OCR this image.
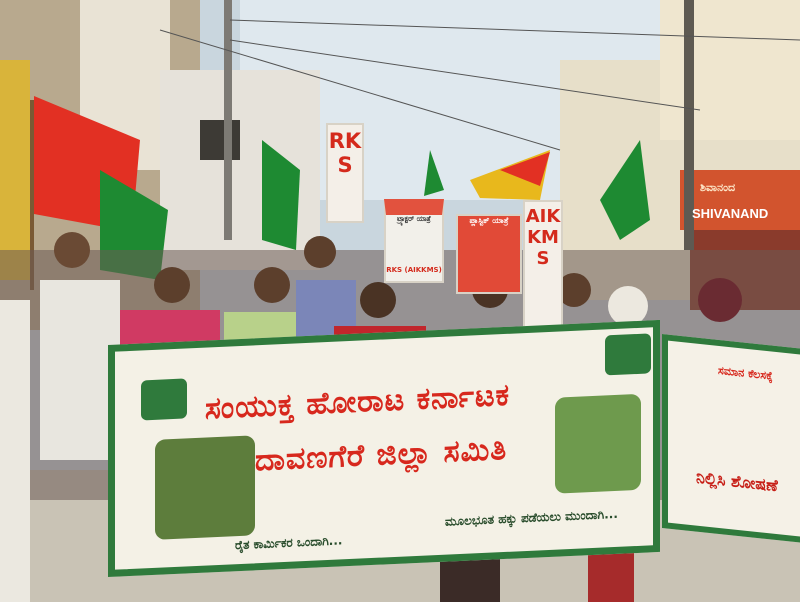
RKS
AIKKMS
ಟ್ರ್ಯಾಕ್ಟರ್ ಯಾತ್ರೆ
RKS (AIKKMS)
ಪ್ಲಾಸ್ಟಿಕ್ ಯಾತ್ರೆ
ಸಂಯುಕ್ತ ಹೋರಾಟ ಕರ್ನಾಟಕ
ದಾವಣಗೆರೆ ಜಿಲ್ಲಾ ಸಮಿತಿ
ರೈತ ಕಾರ್ಮಿಕರ ಒಂದಾಗಿ...
ಮೂಲಭೂತ ಹಕ್ಕು ಪಡೆಯಲು ಮುಂದಾಗಿ...
ಸಮಾನ ಕೆಲಸಕ್ಕೆ
ನಿಲ್ಲಿಸಿ ಶೋಷಣೆ
ಶಿವಾನಂದ
SHIVANAND
